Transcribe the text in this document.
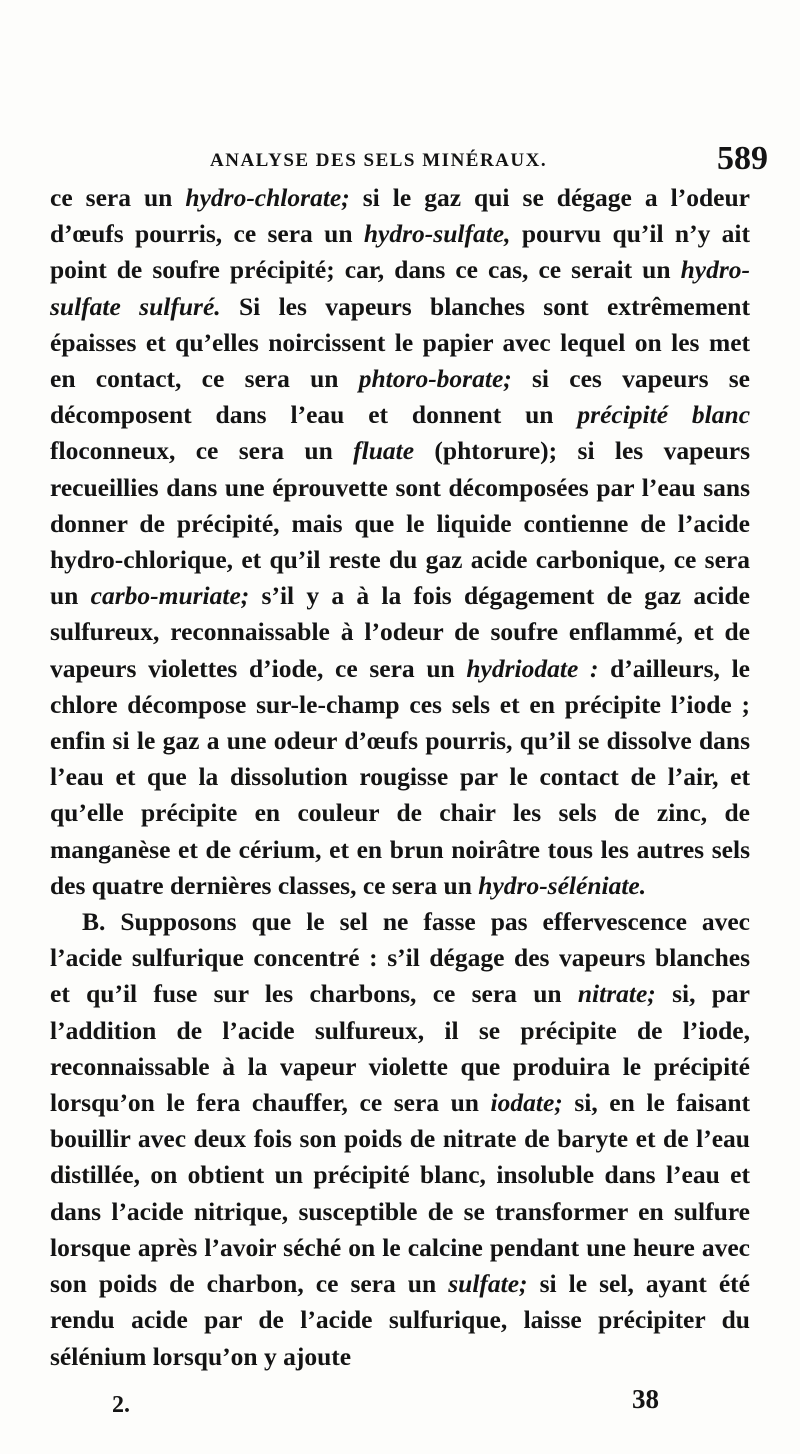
ANALYSE DES SELS MINÉRAUX.	589

ce sera un hydro-chlorate; si le gaz qui se dégage a l’odeur d’œufs pourris, ce sera un hydro-sulfate, pourvu qu’il n’y ait point de soufre précipité; car, dans ce cas, ce serait un hydro-sulfate sulfuré. Si les vapeurs blanches sont extrêmement épaisses et qu’elles noircissent le papier avec lequel on les met en contact, ce sera un phtoro-borate; si ces vapeurs se décomposent dans l’eau et donnent un précipité blanc floconneux, ce sera un fluate (phtorure); si les vapeurs recueillies dans une éprouvette sont décomposées par l’eau sans donner de précipité, mais que le liquide contienne de l’acide hydro-chlorique, et qu’il reste du gaz acide carbonique, ce sera un carbo-muriate; s’il y a à la fois dégagement de gaz acide sulfureux, reconnaissable à l’odeur de soufre enflammé, et de vapeurs violettes d’iode, ce sera un hydriodate : d’ailleurs, le chlore décompose sur-le-champ ces sels et en précipite l’iode ; enfin si le gaz a une odeur d’œufs pourris, qu’il se dissolve dans l’eau et que la dissolution rougisse par le contact de l’air, et qu’elle précipite en couleur de chair les sels de zinc, de manganèse et de cérium, et en brun noirâtre tous les autres sels des quatre dernières classes, ce sera un hydro-séléniate.

B. Supposons que le sel ne fasse pas effervescence avec l’acide sulfurique concentré : s’il dégage des vapeurs blanches et qu’il fuse sur les charbons, ce sera un nitrate; si, par l’addition de l’acide sulfureux, il se précipite de l’iode, reconnaissable à la vapeur violette que produira le précipité lorsqu’on le fera chauffer, ce sera un iodate; si, en le faisant bouillir avec deux fois son poids de nitrate de baryte et de l’eau distillée, on obtient un précipité blanc, insoluble dans l’eau et dans l’acide nitrique, susceptible de se transformer en sulfure lorsque après l’avoir séché on le calcine pendant une heure avec son poids de charbon, ce sera un sulfate; si le sel, ayant été rendu acide par de l’acide sulfurique, laisse précipiter du sélénium lorsqu’on y ajoute

2.	38
